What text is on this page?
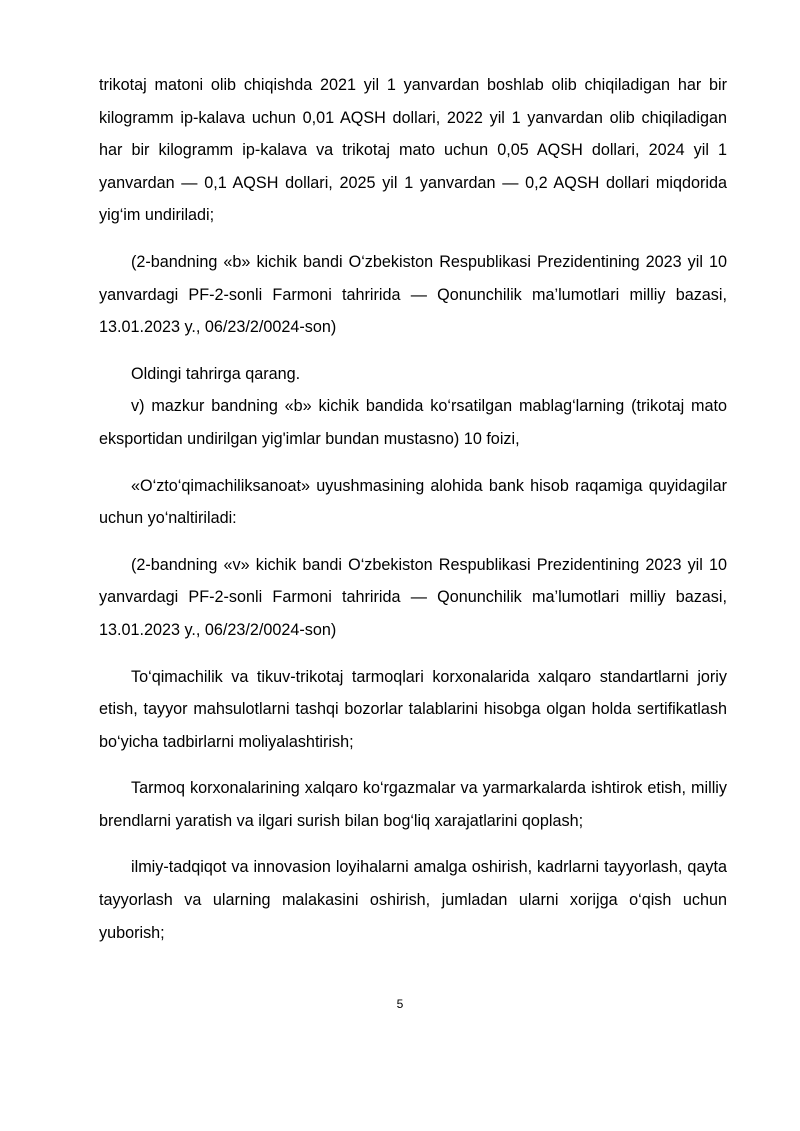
trikotaj matoni olib chiqishda 2021 yil 1 yanvardan boshlab olib chiqiladigan har bir kilogramm ip-kalava uchun 0,01 AQSH dollari, 2022 yil 1 yanvardan olib chiqiladigan har bir kilogramm ip-kalava va trikotaj mato uchun 0,05 AQSH dollari, 2024 yil 1 yanvardan — 0,1 AQSH dollari, 2025 yil 1 yanvardan — 0,2 AQSH dollari miqdorida yig‘im undiriladi;

(2-bandning «b» kichik bandi O‘zbekiston Respublikasi Prezidentining 2023 yil 10 yanvardagi PF-2-sonli Farmoni tahririda — Qonunchilik ma’lumotlari milliy bazasi, 13.01.2023 y., 06/23/2/0024-son)

Oldingi tahrirga qarang.

v) mazkur bandning «b» kichik bandida ko‘rsatilgan mablag‘larning (trikotaj mato eksportidan undirilgan yig'imlar bundan mustasno) 10 foizi,

«O‘zto‘qimachiliksanoat» uyushmasining alohida bank hisob raqamiga quyidagilar uchun yo‘naltiriladi:

(2-bandning «v» kichik bandi O‘zbekiston Respublikasi Prezidentining 2023 yil 10 yanvardagi PF-2-sonli Farmoni tahririda — Qonunchilik ma’lumotlari milliy bazasi, 13.01.2023 y., 06/23/2/0024-son)

To‘qimachilik va tikuv-trikotaj tarmoqlari korxonalarida xalqaro standartlarni joriy etish, tayyor mahsulotlarni tashqi bozorlar talablarini hisobga olgan holda sertifikatlash bo‘yicha tadbirlarni moliyalashtirish;

Tarmoq korxonalarining xalqaro ko‘rgazmalar va yarmarkalarda ishtirok etish, milliy brendlarni yaratish va ilgari surish bilan bog‘liq xarajatlarini qoplash;

ilmiy-tadqiqot va innovasion loyihalarni amalga oshirish, kadrlarni tayyorlash, qayta tayyorlash va ularning malakasini oshirish, jumladan ularni xorijga o‘qish uchun yuborish;

5
